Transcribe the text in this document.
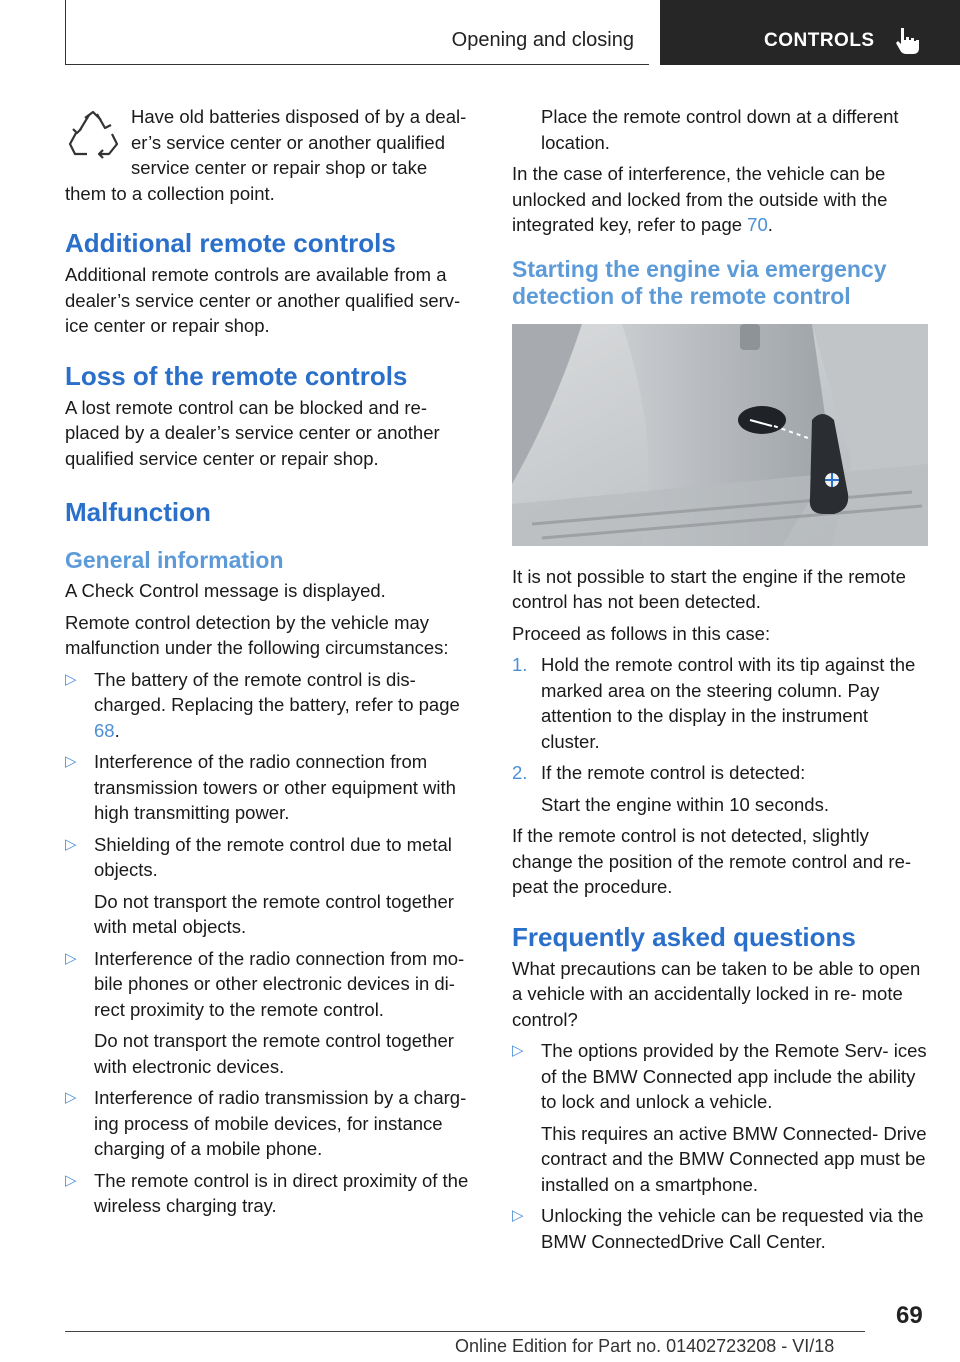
Opening and closing	CONTROLS

Have old batteries disposed of by a deal‐
er’s service center or another qualified
service center or repair shop or take
them to a collection point.

Additional remote controls

Additional remote controls are available from a dealer’s service center or another qualified serv‐ ice center or repair shop.

Loss of the remote controls

A lost remote control can be blocked and re‐ placed by a dealer’s service center or another qualified service center or repair shop.

Malfunction
General information

A Check Control message is displayed.

Remote control detection by the vehicle may malfunction under the following circumstances:

▷ The battery of the remote control is dis‐ charged. Replacing the battery, refer to page 68.

▷ Interference of the radio connection from transmission towers or other equipment with high transmitting power.

▷ Shielding of the remote control due to metal objects.

Do not transport the remote control together with metal objects.

▷ Interference of the radio connection from mo‐ bile phones or other electronic devices in di‐ rect proximity to the remote control.

Do not transport the remote control together with electronic devices.

▷ Interference of radio transmission by a charg‐ ing process of mobile devices, for instance charging of a mobile phone.

▷ The remote control is in direct proximity of the wireless charging tray.

Place the remote control down at a different location.

In the case of interference, the vehicle can be unlocked and locked from the outside with the integrated key, refer to page 70.

Starting the engine via emergency detection of the remote control

It is not possible to start the engine if the remote control has not been detected.

Proceed as follows in this case:

1. Hold the remote control with its tip against the marked area on the steering column. Pay attention to the display in the instrument cluster.

2. If the remote control is detected:

Start the engine within 10 seconds.

If the remote control is not detected, slightly change the position of the remote control and re‐ peat the procedure.

Frequently asked questions

What precautions can be taken to be able to open a vehicle with an accidentally locked in re‐ mote control?

▷ The options provided by the Remote Serv‐ ices of the BMW Connected app include the ability to lock and unlock a vehicle.

This requires an active BMW Connected‐ Drive contract and the BMW Connected app must be installed on a smartphone.

▷ Unlocking the vehicle can be requested via the BMW ConnectedDrive Call Center.

69
Online Edition for Part no. 01402723208 - VI/18
